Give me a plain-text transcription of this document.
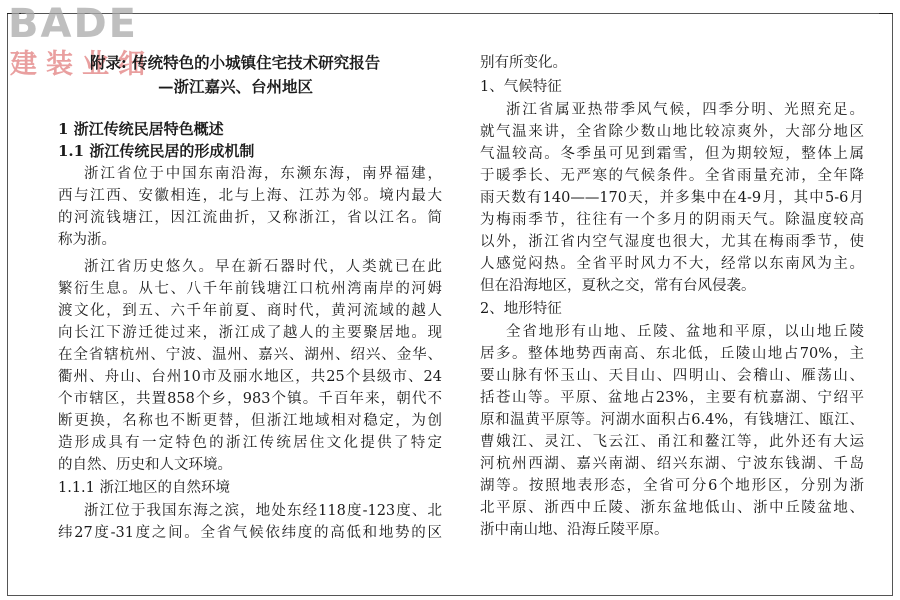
BADE
建装业细
附录: 传统特色的小城镇住宅技术研究报告
—浙江嘉兴、台州地区
1 浙江传统民居特色概述
1.1 浙江传统民居的形成机制
浙江省位于中国东南沿海，东濒东海，南界福建，
西与江西、安徽相连，北与上海、江苏为邻。境内最大
的河流钱塘江，因江流曲折，又称浙江，省以江名。简
称为浙。
浙江省历史悠久。早在新石器时代，人类就已在此
繁衍生息。从七、八千年前钱塘江口杭州湾南岸的河姆
渡文化，到五、六千年前夏、商时代，黄河流域的越人
向长江下游迁徙过来，浙江成了越人的主要聚居地。现
在全省辖杭州、宁波、温州、嘉兴、湖州、绍兴、金华、
衢州、舟山、台州10市及丽水地区，共25个县级市、24
个市辖区，共置858个乡，983个镇。千百年来，朝代不
断更换，名称也不断更替，但浙江地域相对稳定，为创
造形成具有一定特色的浙江传统居住文化提供了特定
的自然、历史和人文环境。
1.1.1 浙江地区的自然环境
浙江位于我国东海之滨，地处东经118度-123度、北
纬27度-31度之间。全省气候依纬度的高低和地势的区
别有所变化。
1、气候特征
浙江省属亚热带季风气候，四季分明、光照充足。
就气温来讲，全省除少数山地比较凉爽外，大部分地区
气温较高。冬季虽可见到霜雪，但为期较短，整体上属
于暖季长、无严寒的气候条件。全省雨量充沛，全年降
雨天数有140——170天，并多集中在4-9月，其中5-6月
为梅雨季节，往往有一个多月的阴雨天气。除温度较高
以外，浙江省内空气湿度也很大，尤其在梅雨季节，使
人感觉闷热。全省平时风力不大，经常以东南风为主。
但在沿海地区，夏秋之交，常有台风侵袭。
2、地形特征
全省地形有山地、丘陵、盆地和平原，以山地丘陵
居多。整体地势西南高、东北低，丘陵山地占70%，主
要山脉有怀玉山、天目山、四明山、会稽山、雁荡山、
括苍山等。平原、盆地占23%，主要有杭嘉湖、宁绍平
原和温黄平原等。河湖水面积占6.4%，有钱塘江、瓯江、
曹娥江、灵江、飞云江、甬江和鳌江等，此外还有大运
河杭州西湖、嘉兴南湖、绍兴东湖、宁波东钱湖、千岛
湖等。按照地表形态，全省可分6个地形区，分别为浙
北平原、浙西中丘陵、浙东盆地低山、浙中丘陵盆地、
浙中南山地、沿海丘陵平原。
